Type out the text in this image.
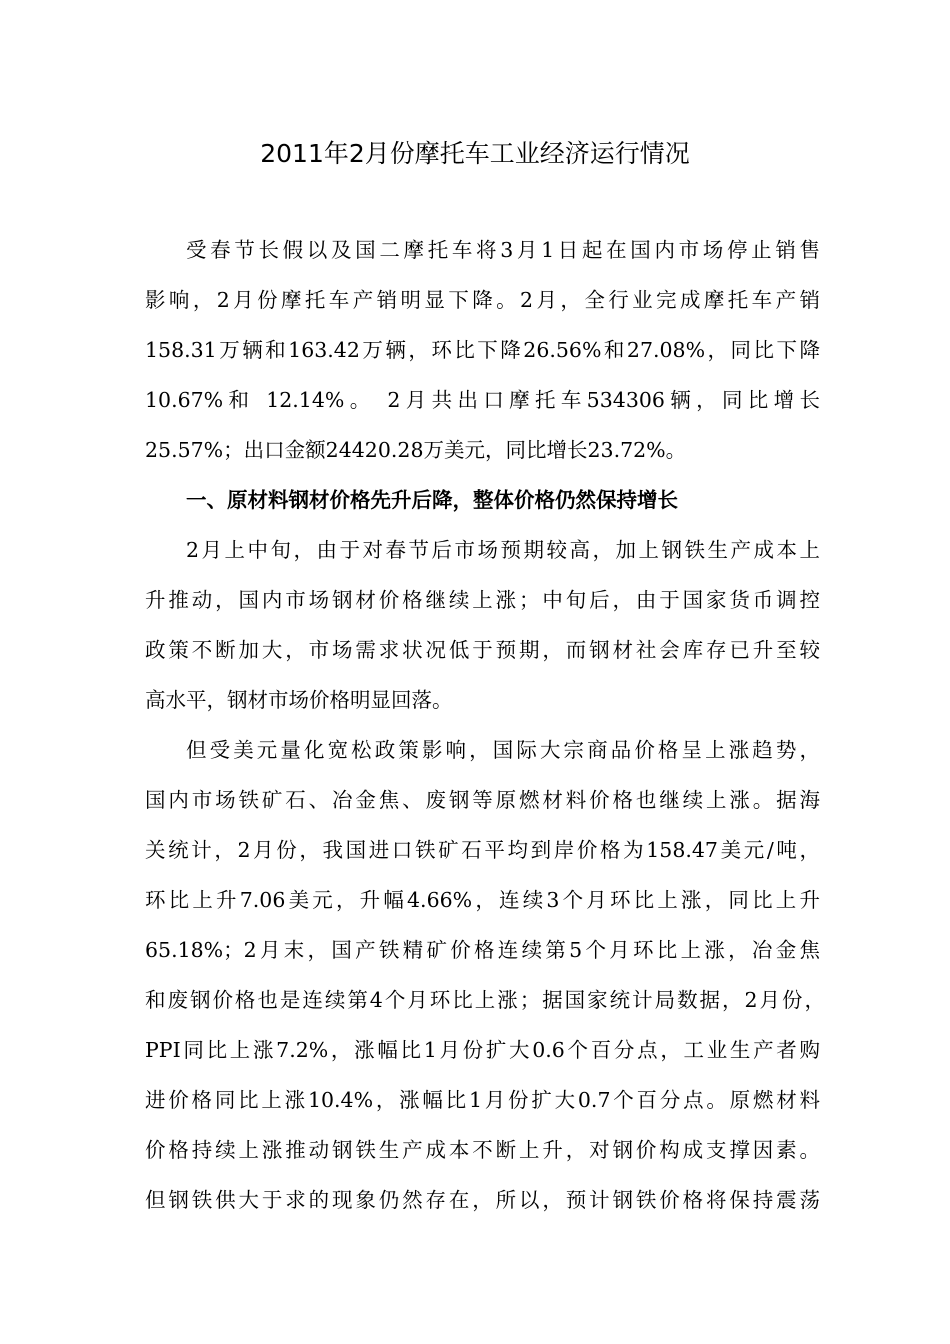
2011年2月份摩托车工业经济运行情况
受春节长假以及国二摩托车将3月1日起在国内市场停止销售
影响，2月份摩托车产销明显下降。2月，全行业完成摩托车产销
158.31万辆和163.42万辆，环比下降26.56%和27.08%，同比下降
10.67%和 12.14%。 2月共出口摩托车534306辆，同比增长
25.57%；出口金额24420.28万美元，同比增长23.72%。
一、原材料钢材价格先升后降，整体价格仍然保持增长
2月上中旬，由于对春节后市场预期较高，加上钢铁生产成本上
升推动，国内市场钢材价格继续上涨；中旬后，由于国家货币调控
政策不断加大，市场需求状况低于预期，而钢材社会库存已升至较
高水平，钢材市场价格明显回落。
但受美元量化宽松政策影响，国际大宗商品价格呈上涨趋势，
国内市场铁矿石、冶金焦、废钢等原燃材料价格也继续上涨。据海
关统计，2月份，我国进口铁矿石平均到岸价格为158.47美元/吨，
环比上升7.06美元，升幅4.66%，连续3个月环比上涨，同比上升
65.18%；2月末，国产铁精矿价格连续第5个月环比上涨，冶金焦
和废钢价格也是连续第4个月环比上涨；据国家统计局数据，2月份，
PPI同比上涨7.2%，涨幅比1月份扩大0.6个百分点，工业生产者购
进价格同比上涨10.4%，涨幅比1月份扩大0.7个百分点。原燃材料
价格持续上涨推动钢铁生产成本不断上升，对钢价构成支撑因素。
但钢铁供大于求的现象仍然存在，所以，预计钢铁价格将保持震荡
